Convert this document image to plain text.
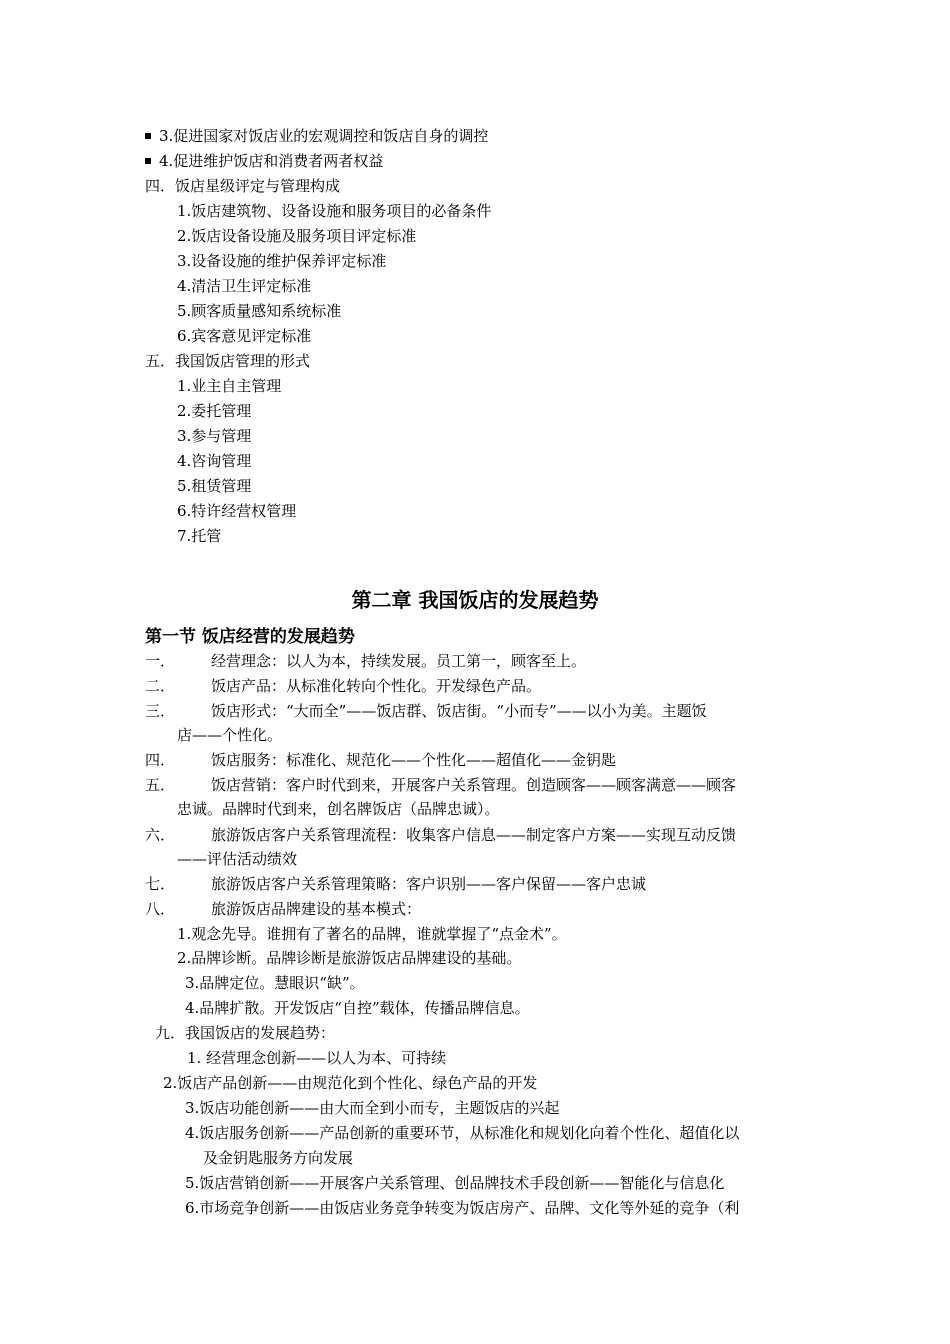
3.促进国家对饭店业的宏观调控和饭店自身的调控
4.促进维护饭店和消费者两者权益
四．饭店星级评定与管理构成
1.饭店建筑物、设备设施和服务项目的必备条件
2.饭店设备设施及服务项目评定标准
3.设备设施的维护保养评定标准
4.清洁卫生评定标准
5.顾客质量感知系统标准
6.宾客意见评定标准
五．我国饭店管理的形式
1.业主自主管理
2.委托管理
3.参与管理
4.咨询管理
5.租赁管理
6.特许经营权管理
7.托管
第二章 我国饭店的发展趋势
第一节 饭店经营的发展趋势
一． 经营理念：以人为本，持续发展。员工第一，顾客至上。
二． 饭店产品：从标准化转向个性化。开发绿色产品。
三． 饭店形式：“大而全”——饭店群、饭店街。“小而专”——以小为美。主题饭
店——个性化。
四． 饭店服务：标准化、规范化——个性化——超值化——金钥匙
五． 饭店营销：客户时代到来，开展客户关系管理。创造顾客——顾客满意——顾客
忠诚。品牌时代到来，创名牌饭店（品牌忠诚）。
六． 旅游饭店客户关系管理流程：收集客户信息——制定客户方案——实现互动反馈
——评估活动绩效
七． 旅游饭店客户关系管理策略：客户识别——客户保留——客户忠诚
八． 旅游饭店品牌建设的基本模式：
1.观念先导。谁拥有了著名的品牌，谁就掌握了“点金术”。
2.品牌诊断。品牌诊断是旅游饭店品牌建设的基础。
3.品牌定位。慧眼识“缺”。
4.品牌扩散。开发饭店“自控”载体，传播品牌信息。
九．我国饭店的发展趋势：
1. 经营理念创新——以人为本、可持续
2.饭店产品创新——由规范化到个性化、绿色产品的开发
3.饭店功能创新——由大而全到小而专，主题饭店的兴起
4.饭店服务创新——产品创新的重要环节，从标准化和规划化向着个性化、超值化以
及金钥匙服务方向发展
5.饭店营销创新——开展客户关系管理、创品牌技术手段创新——智能化与信息化
6.市场竞争创新——由饭店业务竞争转变为饭店房产、品牌、文化等外延的竞争（利
